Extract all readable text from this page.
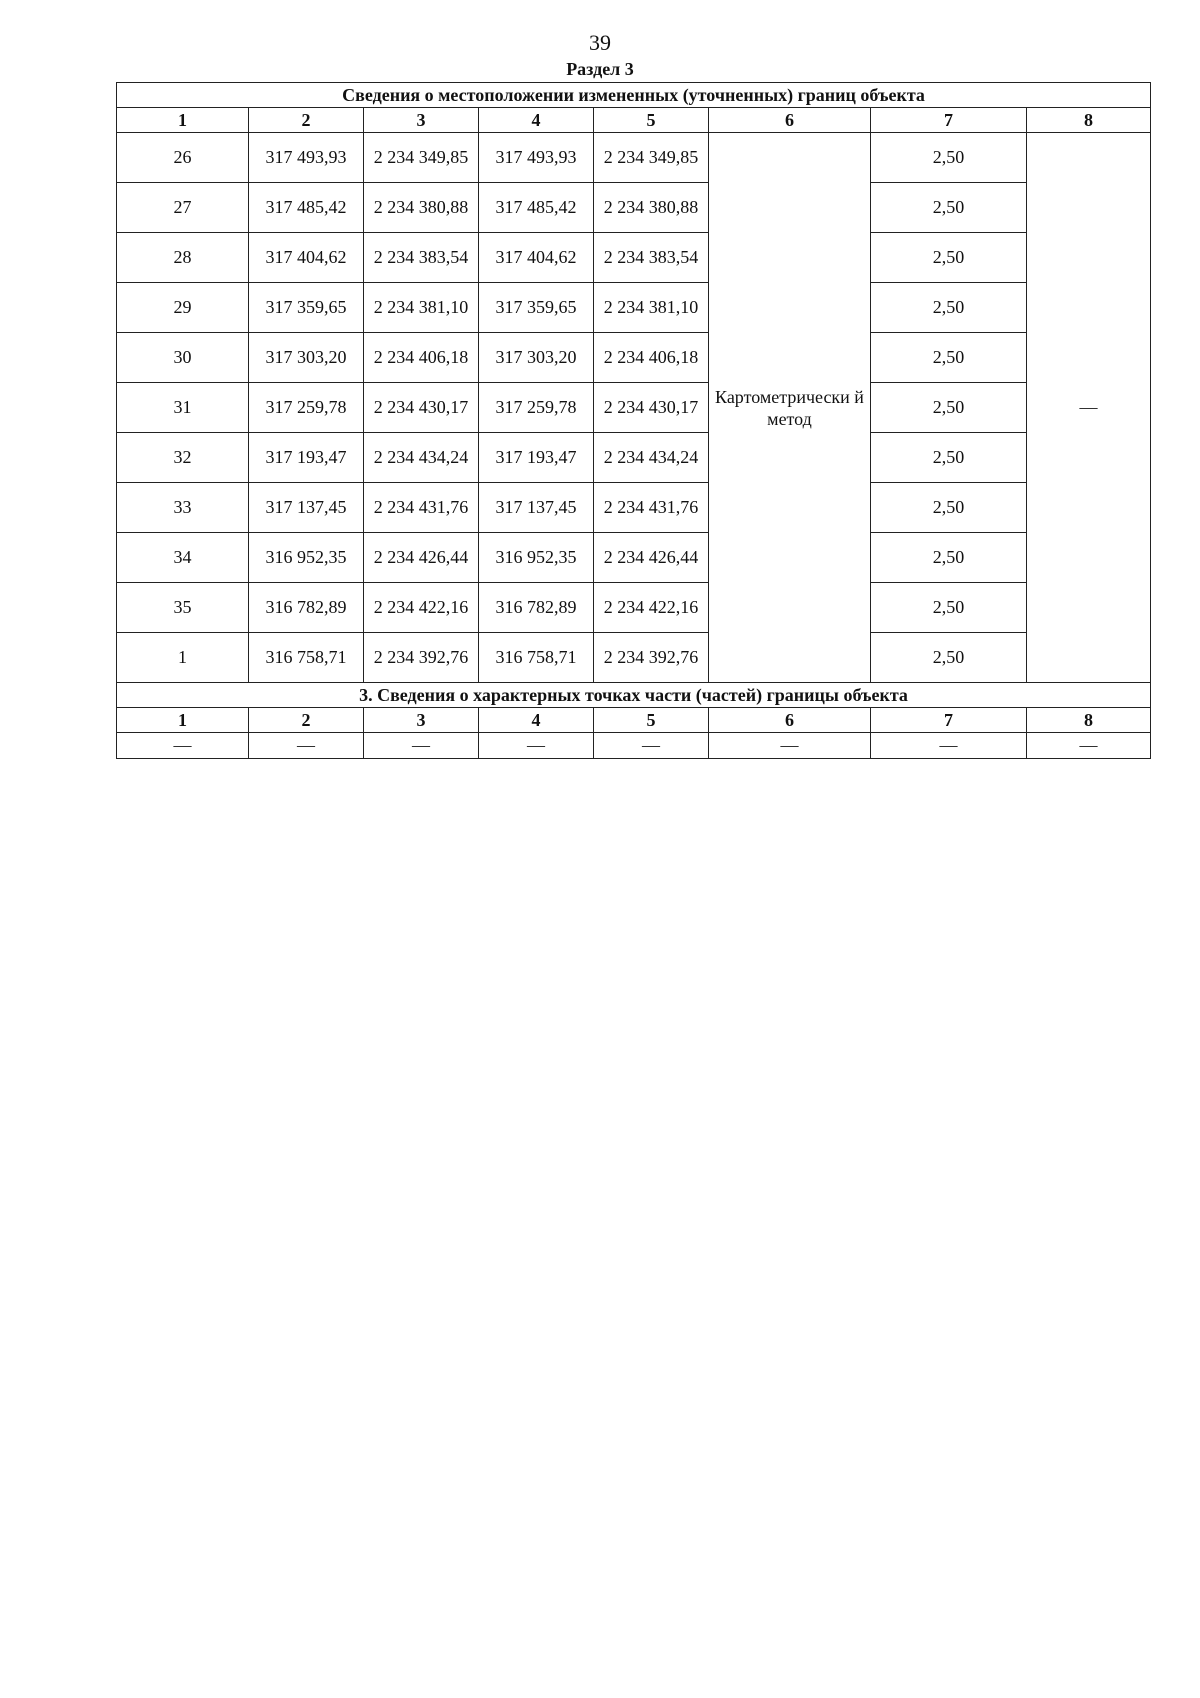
39
Раздел 3
Сведения о местоположении измененных (уточненных) границ объекта							
1	2	3	4	5	6	7	8
26	317 493,93	2 234 349,85	317 493,93	2 234 349,85	Картометрически й метод	2,50	—
27	317 485,42	2 234 380,88	317 485,42	2 234 380,88		2,50	
28	317 404,62	2 234 383,54	317 404,62	2 234 383,54		2,50	
29	317 359,65	2 234 381,10	317 359,65	2 234 381,10		2,50	
30	317 303,20	2 234 406,18	317 303,20	2 234 406,18		2,50	
31	317 259,78	2 234 430,17	317 259,78	2 234 430,17		2,50	
32	317 193,47	2 234 434,24	317 193,47	2 234 434,24		2,50	
33	317 137,45	2 234 431,76	317 137,45	2 234 431,76		2,50	
34	316 952,35	2 234 426,44	316 952,35	2 234 426,44		2,50	
35	316 782,89	2 234 422,16	316 782,89	2 234 422,16		2,50	
1	316 758,71	2 234 392,76	316 758,71	2 234 392,76		2,50	
3. Сведения о характерных точках части (частей) границы объекта							
1	2	3	4	5	6	7	8
—	—	—	—	—	—	—	—
